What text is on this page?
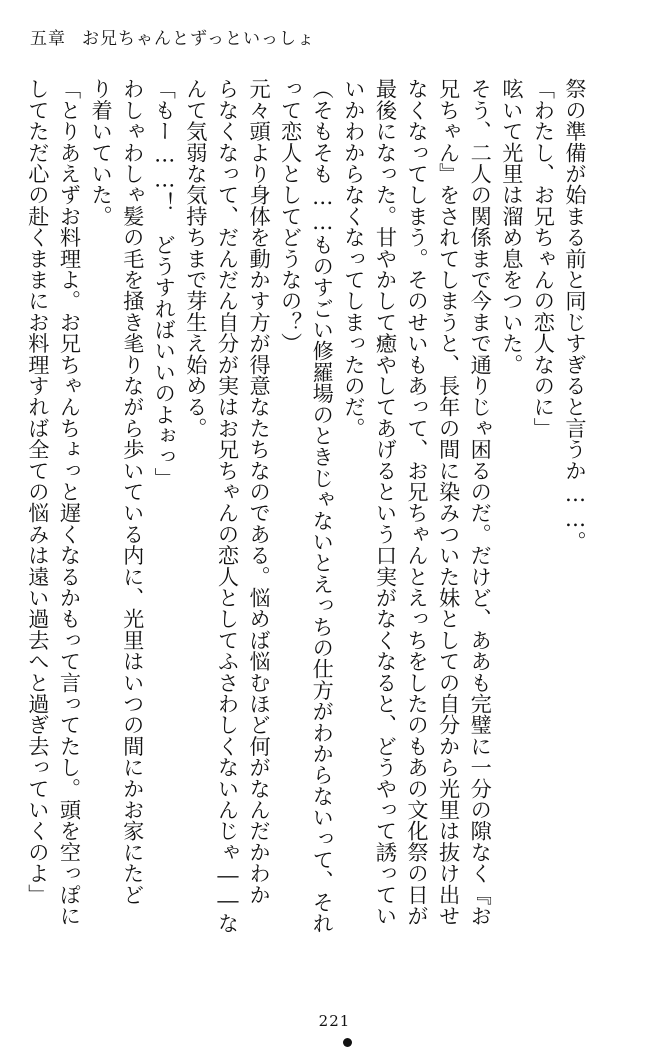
五章 お兄ちゃんとずっといっしょ
祭の準備が始まる前と同じすぎると言うか……。
「わたし、お兄ちゃんの恋人なのに」
呟いて光里は溜め息をついた。
そう、二人の関係まで今まで通りじゃ困るのだ。だけど、ああも完璧に一分の隙なく『お
兄ちゃん』をされてしまうと、長年の間に染みついた妹としての自分から光里は抜け出せ
なくなってしまう。そのせいもあって、お兄ちゃんとえっちをしたのもあの文化祭の日が
最後になった。甘やかして癒やしてあげるという口実がなくなると、どうやって誘ってい
いかわからなくなってしまったのだ。
（そもそも……ものすごい修羅場のときじゃないとえっちの仕方がわからないって、それ
って恋人としてどうなの？）
元々頭より身体を動かす方が得意なたちなのである。悩めば悩むほど何がなんだかわか
らなくなって、だんだん自分が実はお兄ちゃんの恋人としてふさわしくないんじゃ――な
んて気弱な気持ちまで芽生え始める。
「もー……！　どうすればいいのよぉっ」
わしゃわしゃ髪の毛を掻き毟りながら歩いている内に、光里はいつの間にかお家にたど
り着いていた。
「とりあえずお料理よ。お兄ちゃんちょっと遅くなるかもって言ってたし。頭を空っぽに
してただ心の赴くままにお料理すれば全ての悩みは遠い過去へと過ぎ去っていくのよ」
221
